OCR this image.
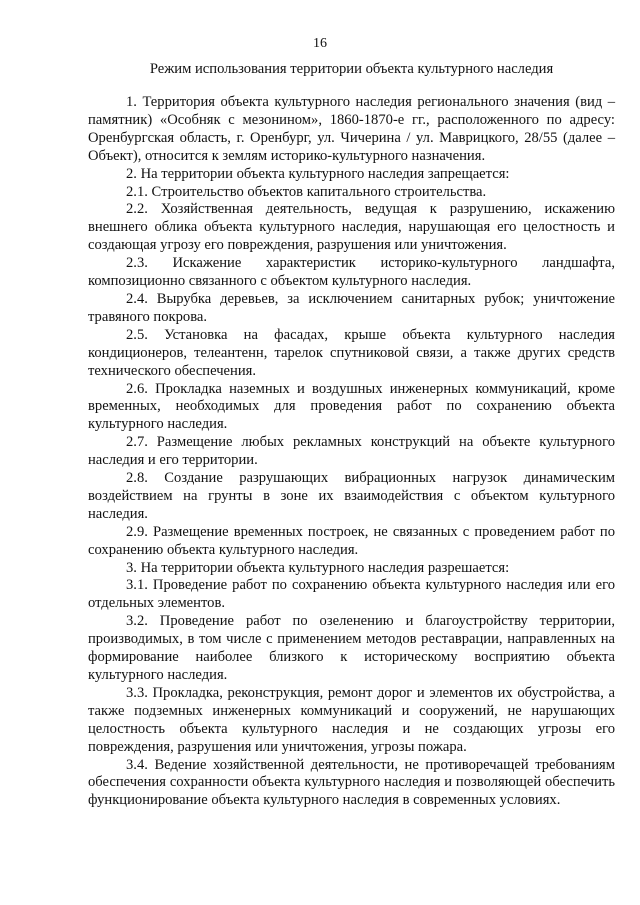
16
Режим использования территории объекта культурного наследия

1. Территория объекта культурного наследия регионального значения (вид – памятник) «Особняк с мезонином», 1860-1870-е гг., расположенного по адресу: Оренбургская область, г. Оренбург, ул. Чичерина / ул. Маврицкого, 28/55 (далее – Объект), относится к землям историко-культурного назначения.

2. На территории объекта культурного наследия запрещается:

2.1. Строительство объектов капитального строительства.

2.2. Хозяйственная деятельность, ведущая к разрушению, искажению внешнего облика объекта культурного наследия, нарушающая его целостность и создающая угрозу его повреждения, разрушения или уничтожения.

2.3. Искажение характеристик историко-культурного ландшафта, композиционно связанного с объектом культурного наследия.

2.4. Вырубка деревьев, за исключением санитарных рубок; уничтожение травяного покрова.

2.5. Установка на фасадах, крыше объекта культурного наследия кондиционеров, телеантенн, тарелок спутниковой связи, а также других средств технического обеспечения.

2.6. Прокладка наземных и воздушных инженерных коммуникаций, кроме временных, необходимых для проведения работ по сохранению объекта культурного наследия.

2.7. Размещение любых рекламных конструкций на объекте культурного наследия и его территории.

2.8. Создание разрушающих вибрационных нагрузок динамическим воздействием на грунты в зоне их взаимодействия с объектом культурного наследия.

2.9. Размещение временных построек, не связанных с проведением работ по сохранению объекта культурного наследия.

3. На территории объекта культурного наследия разрешается:

3.1. Проведение работ по сохранению объекта культурного наследия или его отдельных элементов.

3.2. Проведение работ по озеленению и благоустройству территории, производимых, в том числе с применением методов реставрации, направленных на формирование наиболее близкого к историческому восприятию объекта культурного наследия.

3.3. Прокладка, реконструкция, ремонт дорог и элементов их обустройства, а также подземных инженерных коммуникаций и сооружений, не нарушающих целостность объекта культурного наследия и не создающих угрозы его повреждения, разрушения или уничтожения, угрозы пожара.

3.4. Ведение хозяйственной деятельности, не противоречащей требованиям обеспечения сохранности объекта культурного наследия и позволяющей обеспечить функционирование объекта культурного наследия в современных условиях.
